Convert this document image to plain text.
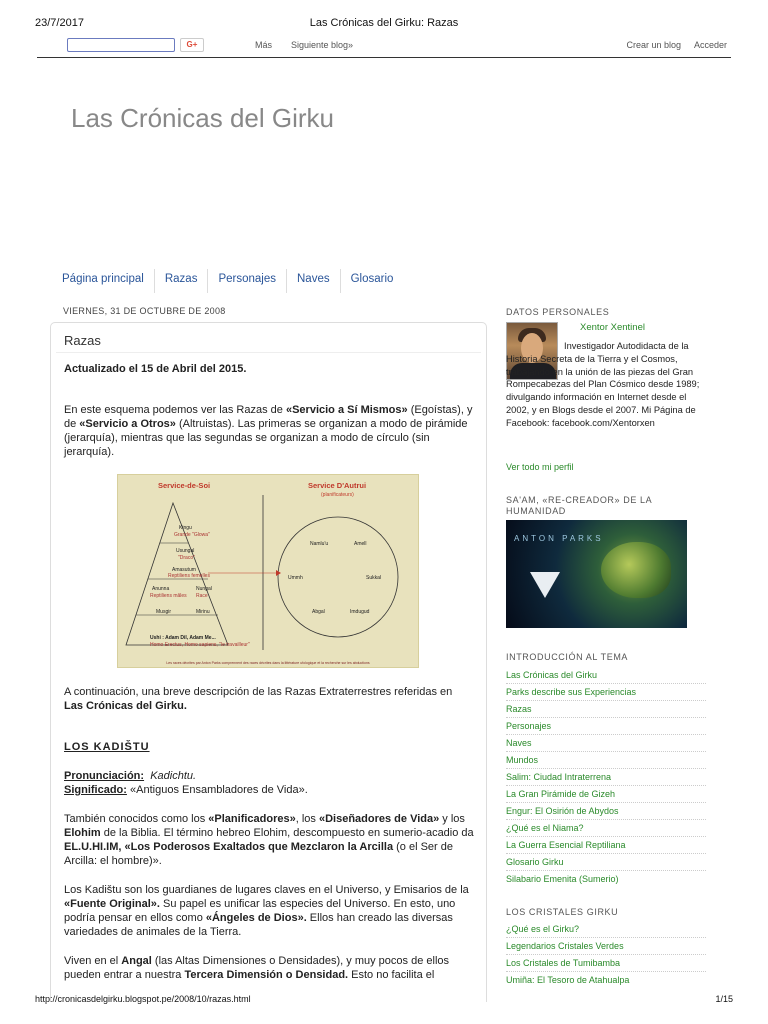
23/7/2017	Las Crónicas del Girku: Razas
G+	Más Siguiente blog»	Crear un blog Acceder
Las Crónicas del Girku
Página principal	Razas	Personajes	Naves	Glosario
VIERNES, 31 DE OCTUBRE DE 2008
Razas
Actualizado el 15 de Abril del 2015.
En este esquema podemos ver las Razas de «Servicio a Sí Mismos» (Egoístas), y de «Servicio a Otros» (Altruistas). Las primeras se organizan a modo de pirámide (jerarquía), mientras que las segundas se organizan a modo de círculo (sin jerarquía).
Service-de-Soi	Service D'Autrui
(planificateurs)
Kingu
Grande "Glowa"
Usungal
"Draco"
Amasutum
Reptiliens femelles
Anunna	Nungal
Reptiliens mâles Race
Musgir	Mirinu
Ushi : Adam Dil, Adam Me...
Homo Erectus, Homo sapiens, "le travailleur"
Namlu'u	Amell
Ummh	Sukkal
Abgal	Imdugud
Les races décrites par Anton Parks comprennent des races décrites dans la littérature ufologique et la recherche sur les abductions
A continuación, una breve descripción de las Razas Extraterrestres referidas en Las Crónicas del Girku.
LOS KADIŠTU
Pronunciación: Kadichtu.
Significado: «Antiguos Ensambladores de Vida».
También conocidos como los «Planificadores», los «Diseñadores de Vida» y los Elohim de la Biblia. El término hebreo Elohim, descompuesto en sumerio-acadio da EL.U.HI.IM, «Los Poderosos Exaltados que Mezclaron la Arcilla (o el Ser de Arcilla: el hombre)».
Los Kadištu son los guardianes de lugares claves en el Universo, y Emisarios de la «Fuente Original». Su papel es unificar las especies del Universo. En esto, uno podría pensar en ellos como «Ángeles de Dios». Ellos han creado las diversas variedades de animales de la Tierra.
Viven en el Angal (las Altas Dimensiones o Densidades), y muy pocos de ellos pueden entrar a nuestra Tercera Dimensión o Densidad. Esto no facilita el
DATOS PERSONALES
Xentor Xentinel
Investigador Autodidacta de la Historia Secreta de la Tierra y el Cosmos, trabajando en la unión de las piezas del Gran Rompecabezas del Plan Cósmico desde 1989; divulgando información en Internet desde el 2002, y en Blogs desde el 2007. Mi Página de Facebook: facebook.com/Xentorxen
Ver todo mi perfil
SA'AM, «RE-CREADOR» DE LA HUMANIDAD
ANTON PARKS
INTRODUCCIÓN AL TEMA
Las Crónicas del Girku
Parks describe sus Experiencias
Razas
Personajes
Naves
Mundos
Salim: Ciudad Intraterrena
La Gran Pirámide de Gizeh
Engur: El Osirión de Abydos
¿Qué es el Niama?
La Guerra Esencial Reptiliana
Glosario Girku
Silabario Emenita (Sumerio)
LOS CRISTALES GIRKU
¿Qué es el Girku?
Legendarios Cristales Verdes
Los Cristales de Tumibamba
Umiña: El Tesoro de Atahualpa
http://cronicasdelgirku.blogspot.pe/2008/10/razas.html	1/15
